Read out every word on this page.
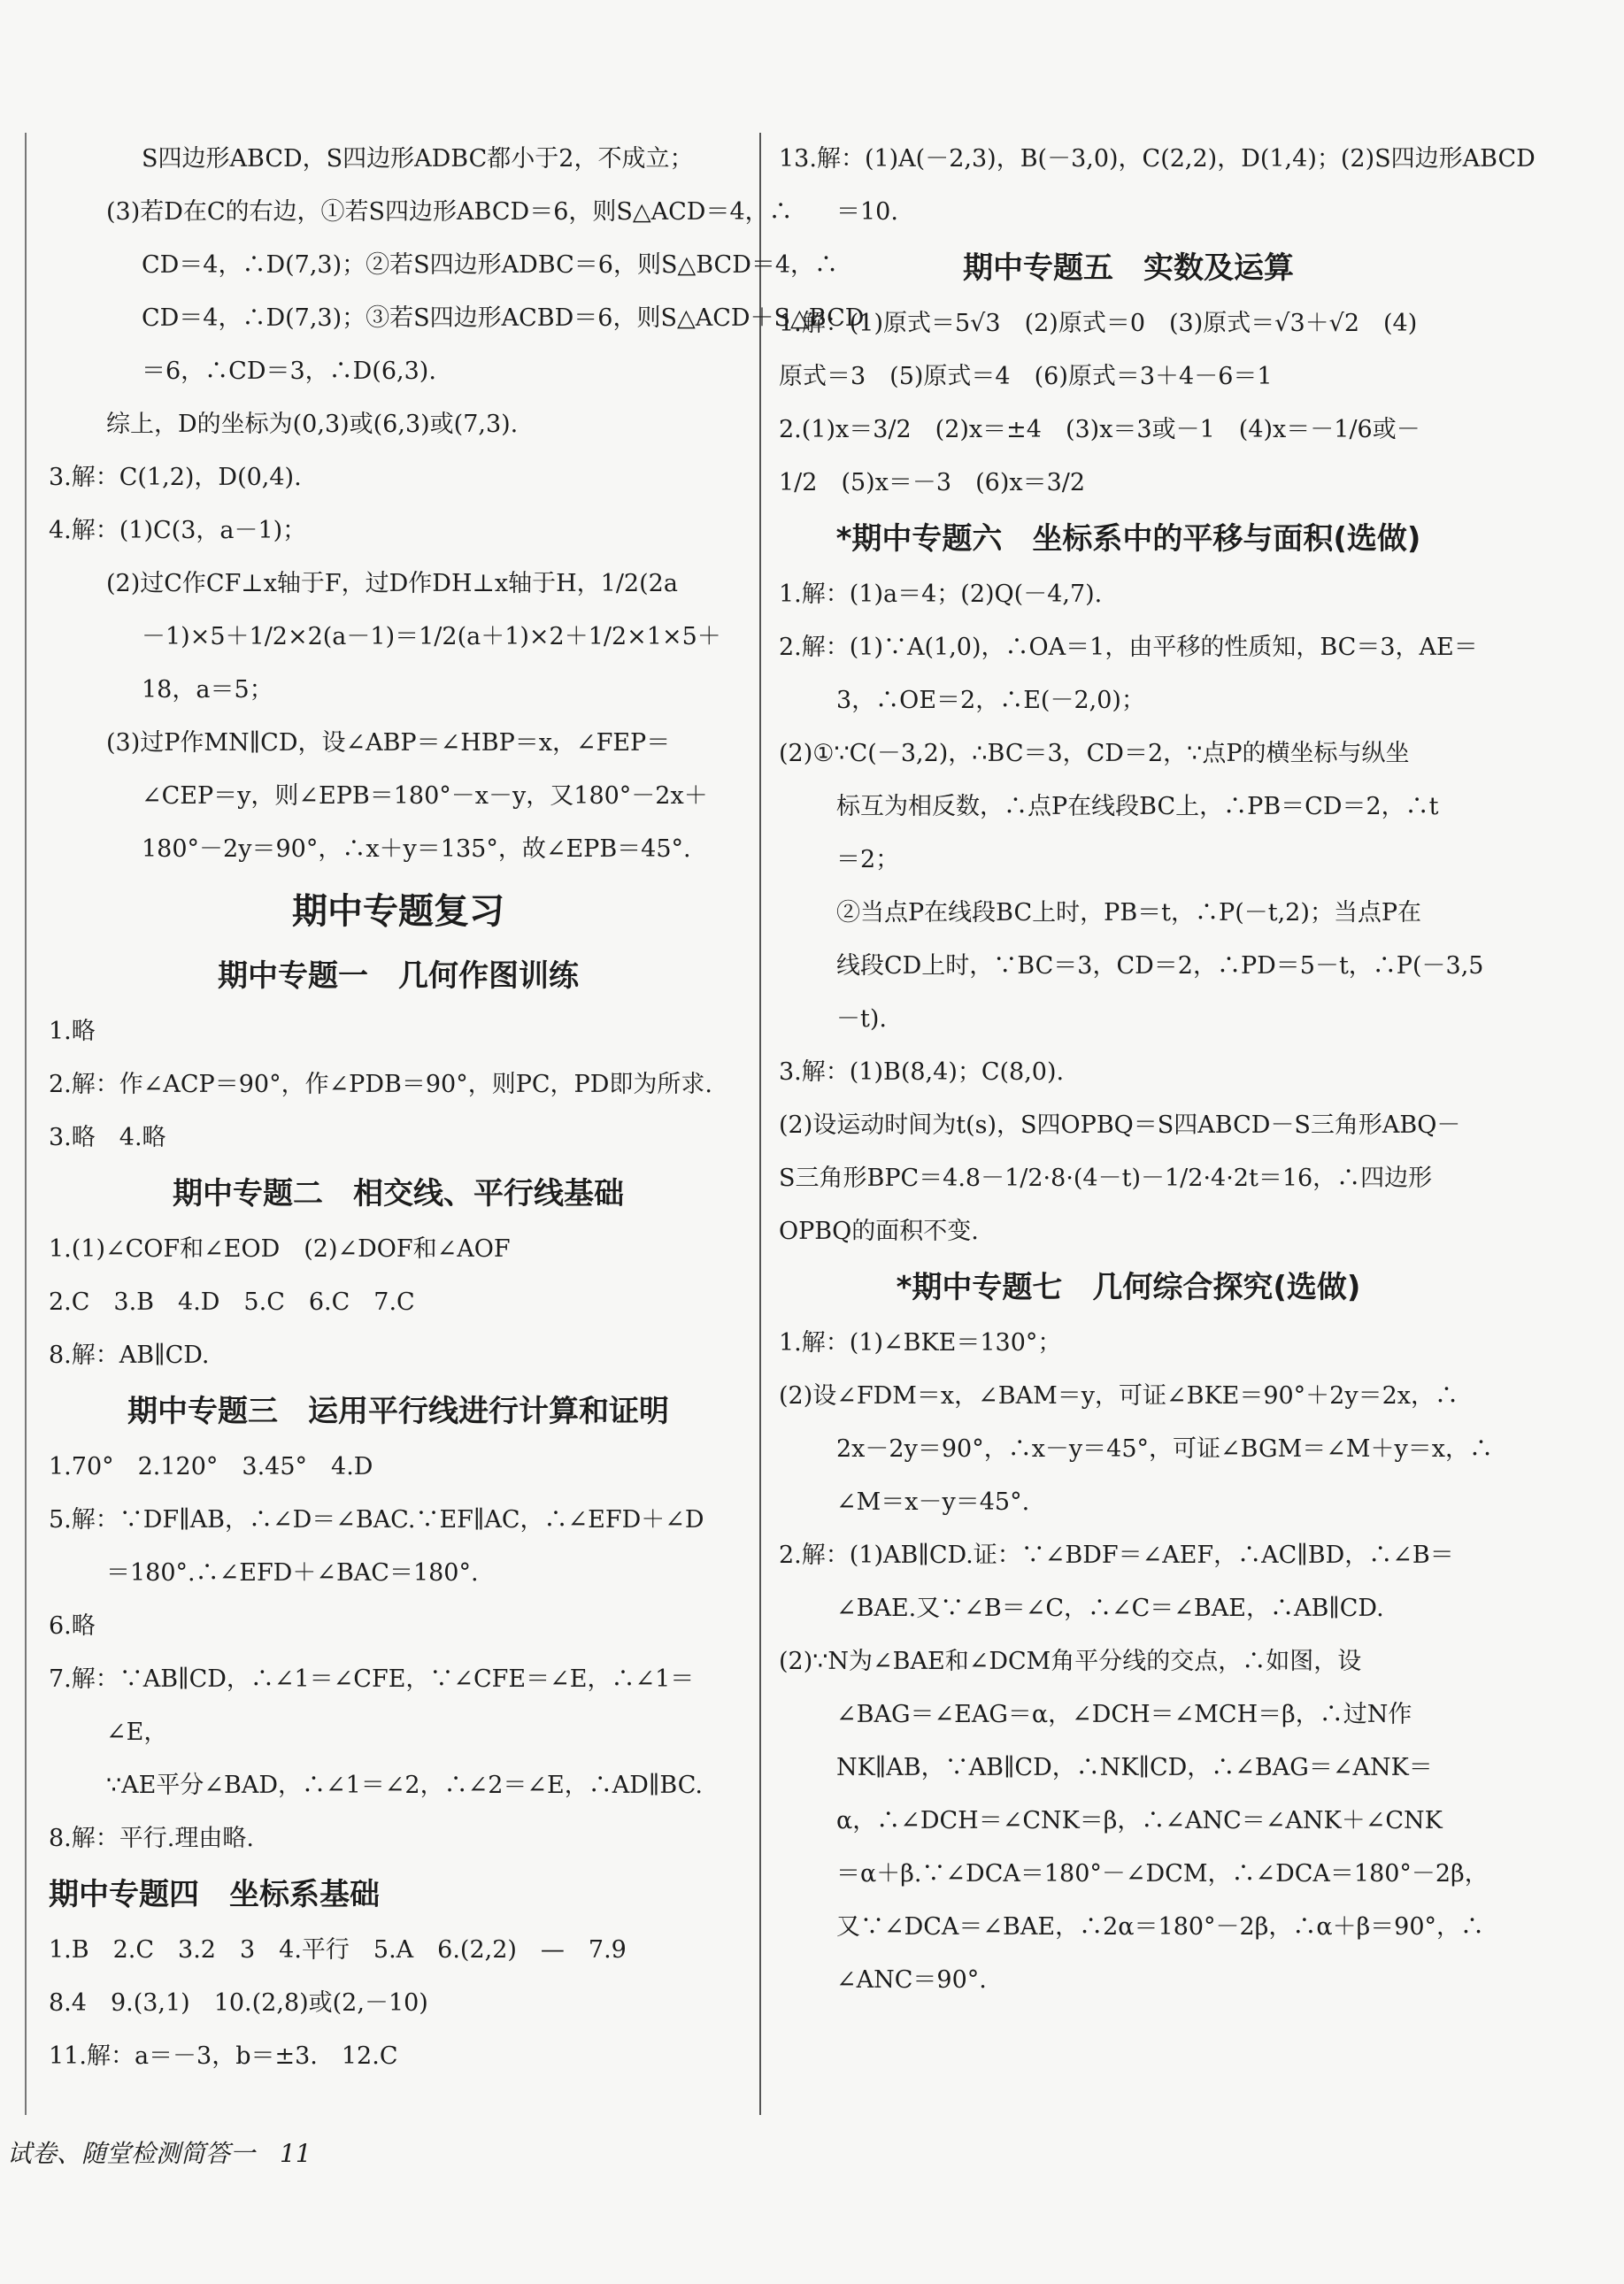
S四边形ABCD，S四边形ADBC都小于2，不成立；
(3)若D在C的右边，①若S四边形ABCD＝6，则S△ACD＝4，∴
CD＝4，∴D(7,3)；②若S四边形ADBC＝6，则S△BCD＝4，∴
CD＝4，∴D(7,3)；③若S四边形ACBD＝6，则S△ACD＋S△BCD
＝6，∴CD＝3，∴D(6,3).
综上，D的坐标为(0,3)或(6,3)或(7,3).
3.解：C(1,2)，D(0,4).
4.解：(1)C(3，a－1)；
(2)过C作CF⊥x轴于F，过D作DH⊥x轴于H，1/2(2a
－1)×5＋1/2×2(a－1)＝1/2(a＋1)×2＋1/2×1×5＋
18，a＝5；
(3)过P作MN∥CD，设∠ABP＝∠HBP＝x，∠FEP＝
∠CEP＝y，则∠EPB＝180°－x－y，又180°－2x＋
180°－2y＝90°，∴x＋y＝135°，故∠EPB＝45°.
期中专题复习
期中专题一　几何作图训练
1.略
2.解：作∠ACP＝90°，作∠PDB＝90°，则PC，PD即为所求.
3.略　4.略
期中专题二　相交线、平行线基础
1.(1)∠COF和∠EOD　(2)∠DOF和∠AOF
2.C　3.B　4.D　5.C　6.C　7.C
8.解：AB∥CD.
期中专题三　运用平行线进行计算和证明
1.70°　2.120°　3.45°　4.D
5.解：∵DF∥AB，∴∠D＝∠BAC.∵EF∥AC，∴∠EFD＋∠D
＝180°.∴∠EFD＋∠BAC＝180°.
6.略
7.解：∵AB∥CD，∴∠1＝∠CFE，∵∠CFE＝∠E，∴∠1＝
∠E，
∵AE平分∠BAD，∴∠1＝∠2，∴∠2＝∠E，∴AD∥BC.
8.解：平行.理由略.
期中专题四　坐标系基础
1.B　2.C　3.2　3　4.平行　5.A　6.(2,2)　—　7.9
8.4　9.(3,1)　10.(2,8)或(2,－10)
11.解：a＝－3，b＝±3.　12.C
13.解：(1)A(－2,3)，B(－3,0)，C(2,2)，D(1,4)；(2)S四边形ABCD
＝10.
期中专题五　实数及运算
1.解：(1)原式＝5√3　(2)原式＝0　(3)原式＝√3＋√2　(4)
原式＝3　(5)原式＝4　(6)原式＝3＋4－6＝1
2.(1)x＝3/2　(2)x＝±4　(3)x＝3或－1　(4)x＝－1/6或－
1/2　(5)x＝－3　(6)x＝3/2
*期中专题六　坐标系中的平移与面积(选做)
1.解：(1)a＝4；(2)Q(－4,7).
2.解：(1)∵A(1,0)，∴OA＝1，由平移的性质知，BC＝3，AE＝
3，∴OE＝2，∴E(－2,0)；
(2)①∵C(－3,2)，∴BC＝3，CD＝2，∵点P的横坐标与纵坐
标互为相反数，∴点P在线段BC上，∴PB＝CD＝2，∴t
＝2；
②当点P在线段BC上时，PB＝t，∴P(－t,2)；当点P在
线段CD上时，∵BC＝3，CD＝2，∴PD＝5－t，∴P(－3,5
－t).
3.解：(1)B(8,4)；C(8,0).
(2)设运动时间为t(s)，S四OPBQ＝S四ABCD－S三角形ABQ－
S三角形BPC＝4.8－1/2·8·(4－t)－1/2·4·2t＝16，∴四边形
OPBQ的面积不变.
*期中专题七　几何综合探究(选做)
1.解：(1)∠BKE＝130°；
(2)设∠FDM＝x，∠BAM＝y，可证∠BKE＝90°＋2y＝2x，∴
2x－2y＝90°，∴x－y＝45°，可证∠BGM＝∠M＋y＝x，∴
∠M＝x－y＝45°.
2.解：(1)AB∥CD.证：∵∠BDF＝∠AEF，∴AC∥BD，∴∠B＝
∠BAE.又∵∠B＝∠C，∴∠C＝∠BAE，∴AB∥CD.
(2)∵N为∠BAE和∠DCM角平分线的交点，∴如图，设
∠BAG＝∠EAG＝α，∠DCH＝∠MCH＝β，∴过N作
NK∥AB，∵AB∥CD，∴NK∥CD，∴∠BAG＝∠ANK＝
α，∴∠DCH＝∠CNK＝β，∴∠ANC＝∠ANK＋∠CNK
＝α＋β.∵∠DCA＝180°－∠DCM，∴∠DCA＝180°－2β，
又∵∠DCA＝∠BAE，∴2α＝180°－2β，∴α＋β＝90°，∴
∠ANC＝90°.
试卷、随堂检测简答一　11
